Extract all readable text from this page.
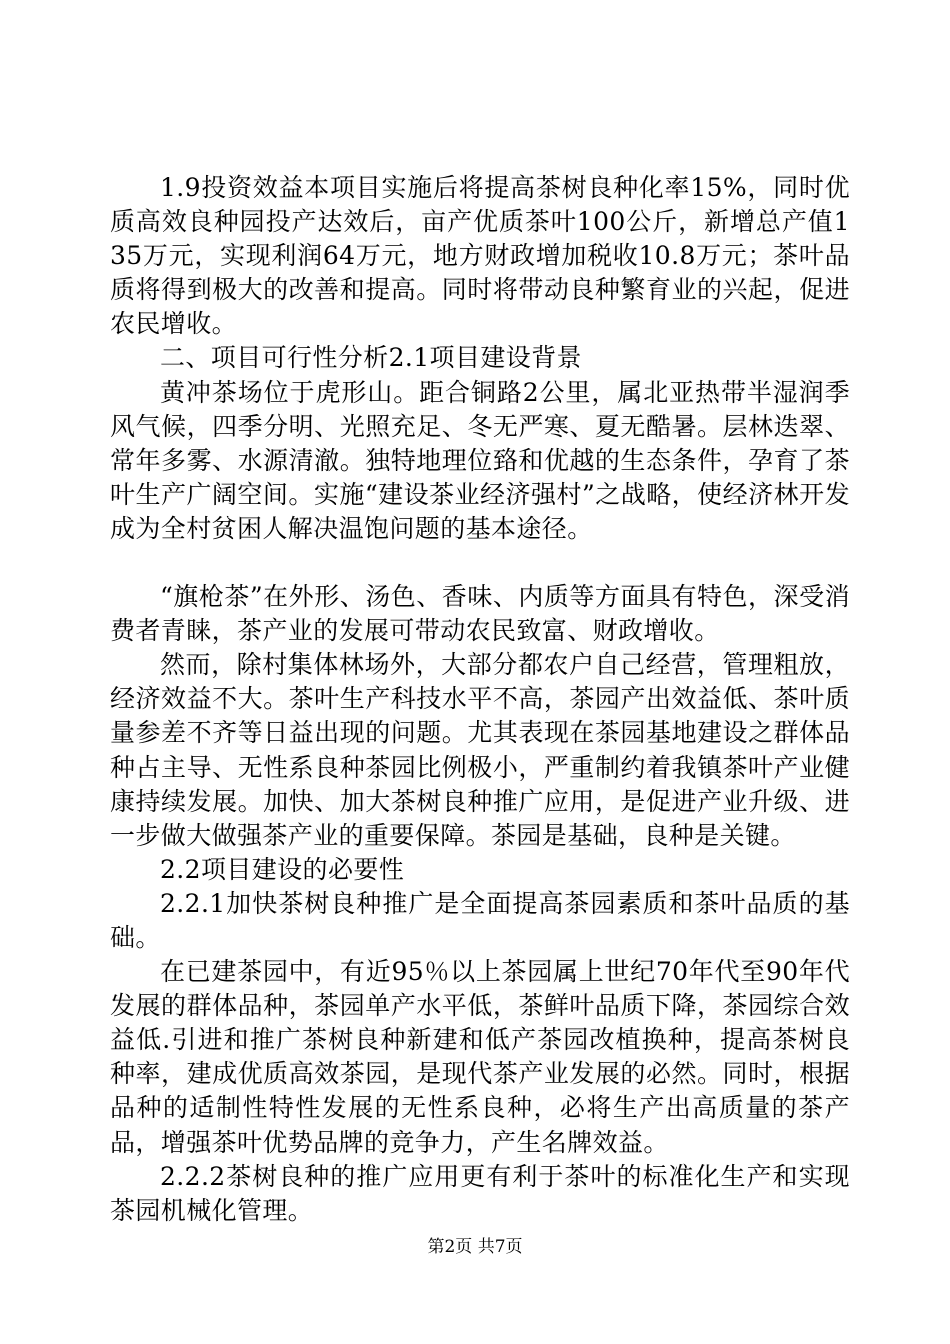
1.9投资效益本项目实施后将提高茶树良种化率15%，同时优质高效良种园投产达效后，亩产优质茶叶100公斤，新增总产值135万元，实现利润64万元，地方财政增加税收10.8万元；茶叶品质将得到极大的改善和提高。同时将带动良种繁育业的兴起，促进农民增收。

二、项目可行性分析2.1项目建设背景

黄冲茶场位于虎形山。距合铜路2公里，属北亚热带半湿润季风气候，四季分明、光照充足、冬无严寒、夏无酷暑。层林迭翠、常年多雾、水源清澈。独特地理位臵和优越的生态条件，孕育了茶叶生产广阔空间。实施“建设茶业经济强村”之战略，使经济林开发成为全村贫困人解决温饱问题的基本途径。

“旗枪茶”在外形、汤色、香味、内质等方面具有特色，深受消费者青睐，茶产业的发展可带动农民致富、财政增收。

然而，除村集体林场外，大部分都农户自己经营，管理粗放，经济效益不大。茶叶生产科技水平不高，茶园产出效益低、茶叶质量参差不齐等日益出现的问题。尤其表现在茶园基地建设之群体品种占主导、无性系良种茶园比例极小，严重制约着我镇茶叶产业健康持续发展。加快、加大茶树良种推广应用，是促进产业升级、进一步做大做强茶产业的重要保障。茶园是基础，良种是关键。

2.2项目建设的必要性

2.2.1加快茶树良种推广是全面提高茶园素质和茶叶品质的基础。

在已建茶园中，有近95％以上茶园属上世纪70年代至90年代发展的群体品种，茶园单产水平低，茶鲜叶品质下降，茶园综合效益低.引进和推广茶树良种新建和低产茶园改植换种，提高茶树良种率，建成优质高效茶园，是现代茶产业发展的必然。同时，根据品种的适制性特性发展的无性系良种，必将生产出高质量的茶产品，增强茶叶优势品牌的竞争力，产生名牌效益。

2.2.2茶树良种的推广应用更有利于茶叶的标准化生产和实现茶园机械化管理。

第2页 共7页
